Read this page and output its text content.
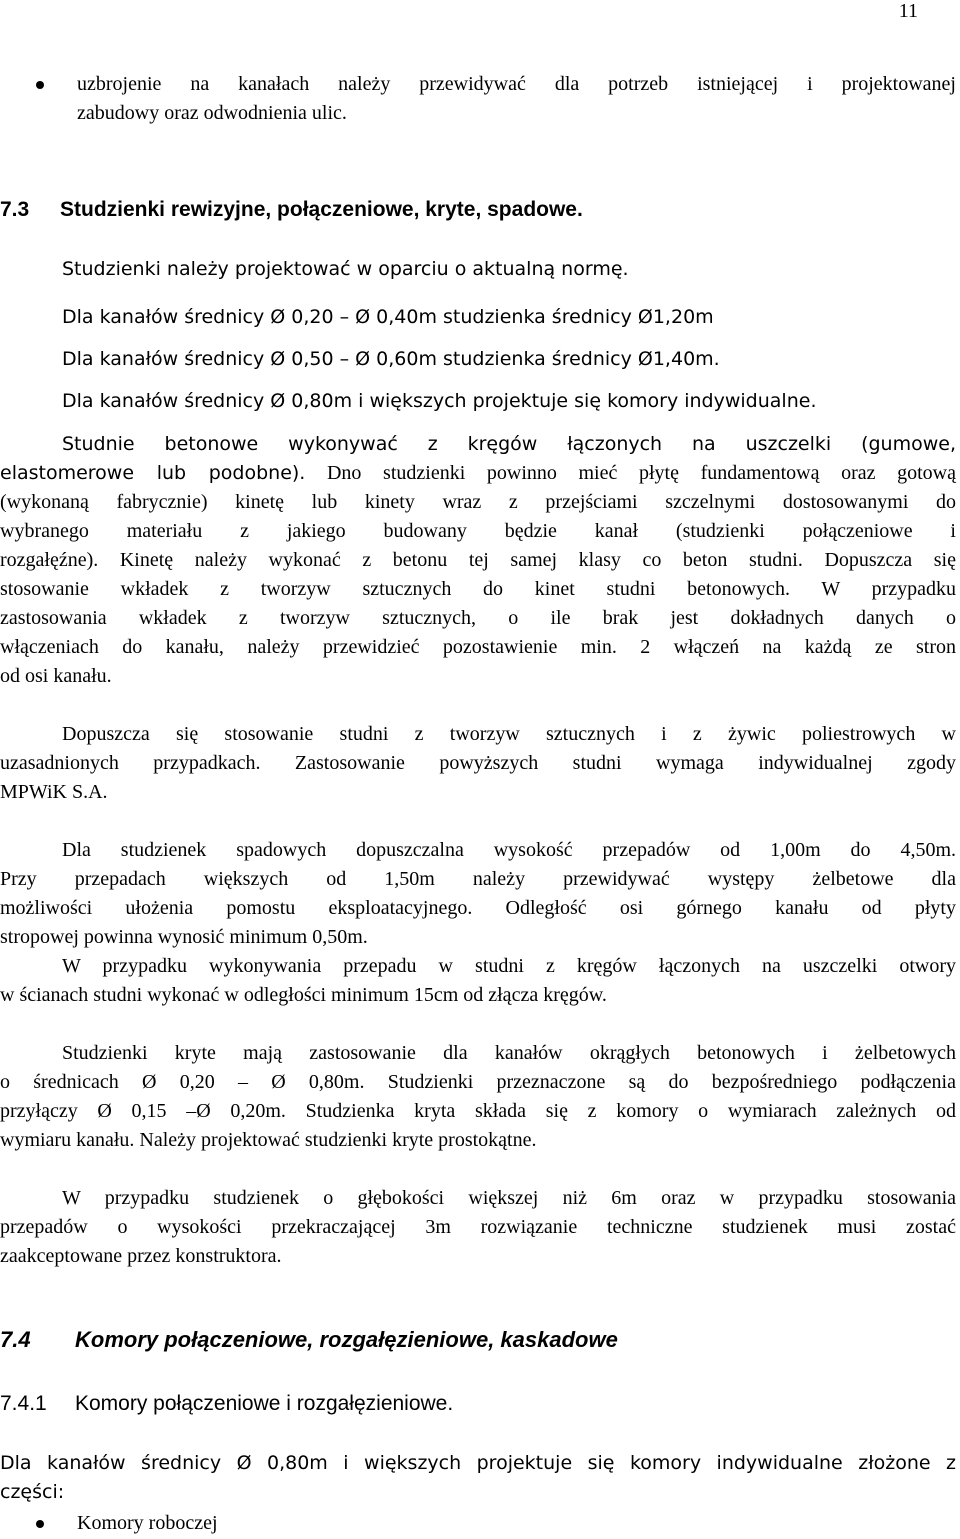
11
uzbrojenie na kanałach należy przewidywać dla potrzeb istniejącej i projektowanej
zabudowy oraz odwodnienia ulic.
7.3 Studzienki rewizyjne, połączeniowe, kryte, spadowe.
Studzienki należy projektować w oparciu o aktualną normę.
Dla kanałów średnicy Ø 0,20 – Ø 0,40m studzienka średnicy Ø1,20m
Dla kanałów średnicy Ø 0,50 – Ø 0,60m studzienka średnicy Ø1,40m.
Dla kanałów średnicy Ø 0,80m i większych projektuje się komory indywidualne.
Studnie betonowe wykonywać z kręgów łączonych na uszczelki (gumowe,
elastomerowe lub podobne). Dno studzienki powinno mieć płytę fundamentową oraz gotową
(wykonaną fabrycznie) kinetę lub kinety wraz z przejściami szczelnymi dostosowanymi do
wybranego materiału z jakiego budowany będzie kanał (studzienki połączeniowe i
rozgałęźne). Kinetę należy wykonać z betonu tej samej klasy co beton studni. Dopuszcza się
stosowanie wkładek z tworzyw sztucznych do kinet studni betonowych. W przypadku
zastosowania wkładek z tworzyw sztucznych, o ile brak jest dokładnych danych o
włączeniach do kanału, należy przewidzieć pozostawienie min. 2 włączeń na każdą ze stron
od osi kanału.
Dopuszcza się stosowanie studni z tworzyw sztucznych i z żywic poliestrowych w
uzasadnionych przypadkach. Zastosowanie powyższych studni wymaga indywidualnej zgody
MPWiK S.A.
Dla studzienek spadowych dopuszczalna wysokość przepadów od 1,00m do 4,50m.
Przy przepadach większych od 1,50m należy przewidywać występy żelbetowe dla
możliwości ułożenia pomostu eksploatacyjnego. Odległość osi górnego kanału od płyty
stropowej powinna wynosić minimum 0,50m.
W przypadku wykonywania przepadu w studni z kręgów łączonych na uszczelki otwory
w ścianach studni wykonać w odległości minimum 15cm od złącza kręgów.
Studzienki kryte mają zastosowanie dla kanałów okrągłych betonowych i żelbetowych
o średnicach Ø 0,20 – Ø 0,80m. Studzienki przeznaczone są do bezpośredniego podłączenia
przyłączy Ø 0,15 –Ø 0,20m. Studzienka kryta składa się z komory o wymiarach zależnych od
wymiaru kanału. Należy projektować studzienki kryte prostokątne.
W przypadku studzienek o głębokości większej niż 6m oraz w przypadku stosowania
przepadów o wysokości przekraczającej 3m rozwiązanie techniczne studzienek musi zostać
zaakceptowane przez konstruktora.
7.4 Komory połączeniowe, rozgałęzieniowe, kaskadowe
7.4.1 Komory połączeniowe i rozgałęzieniowe.
Dla kanałów średnicy Ø 0,80m i większych projektuje się komory indywidualne złożone z
części:
Komory roboczej
